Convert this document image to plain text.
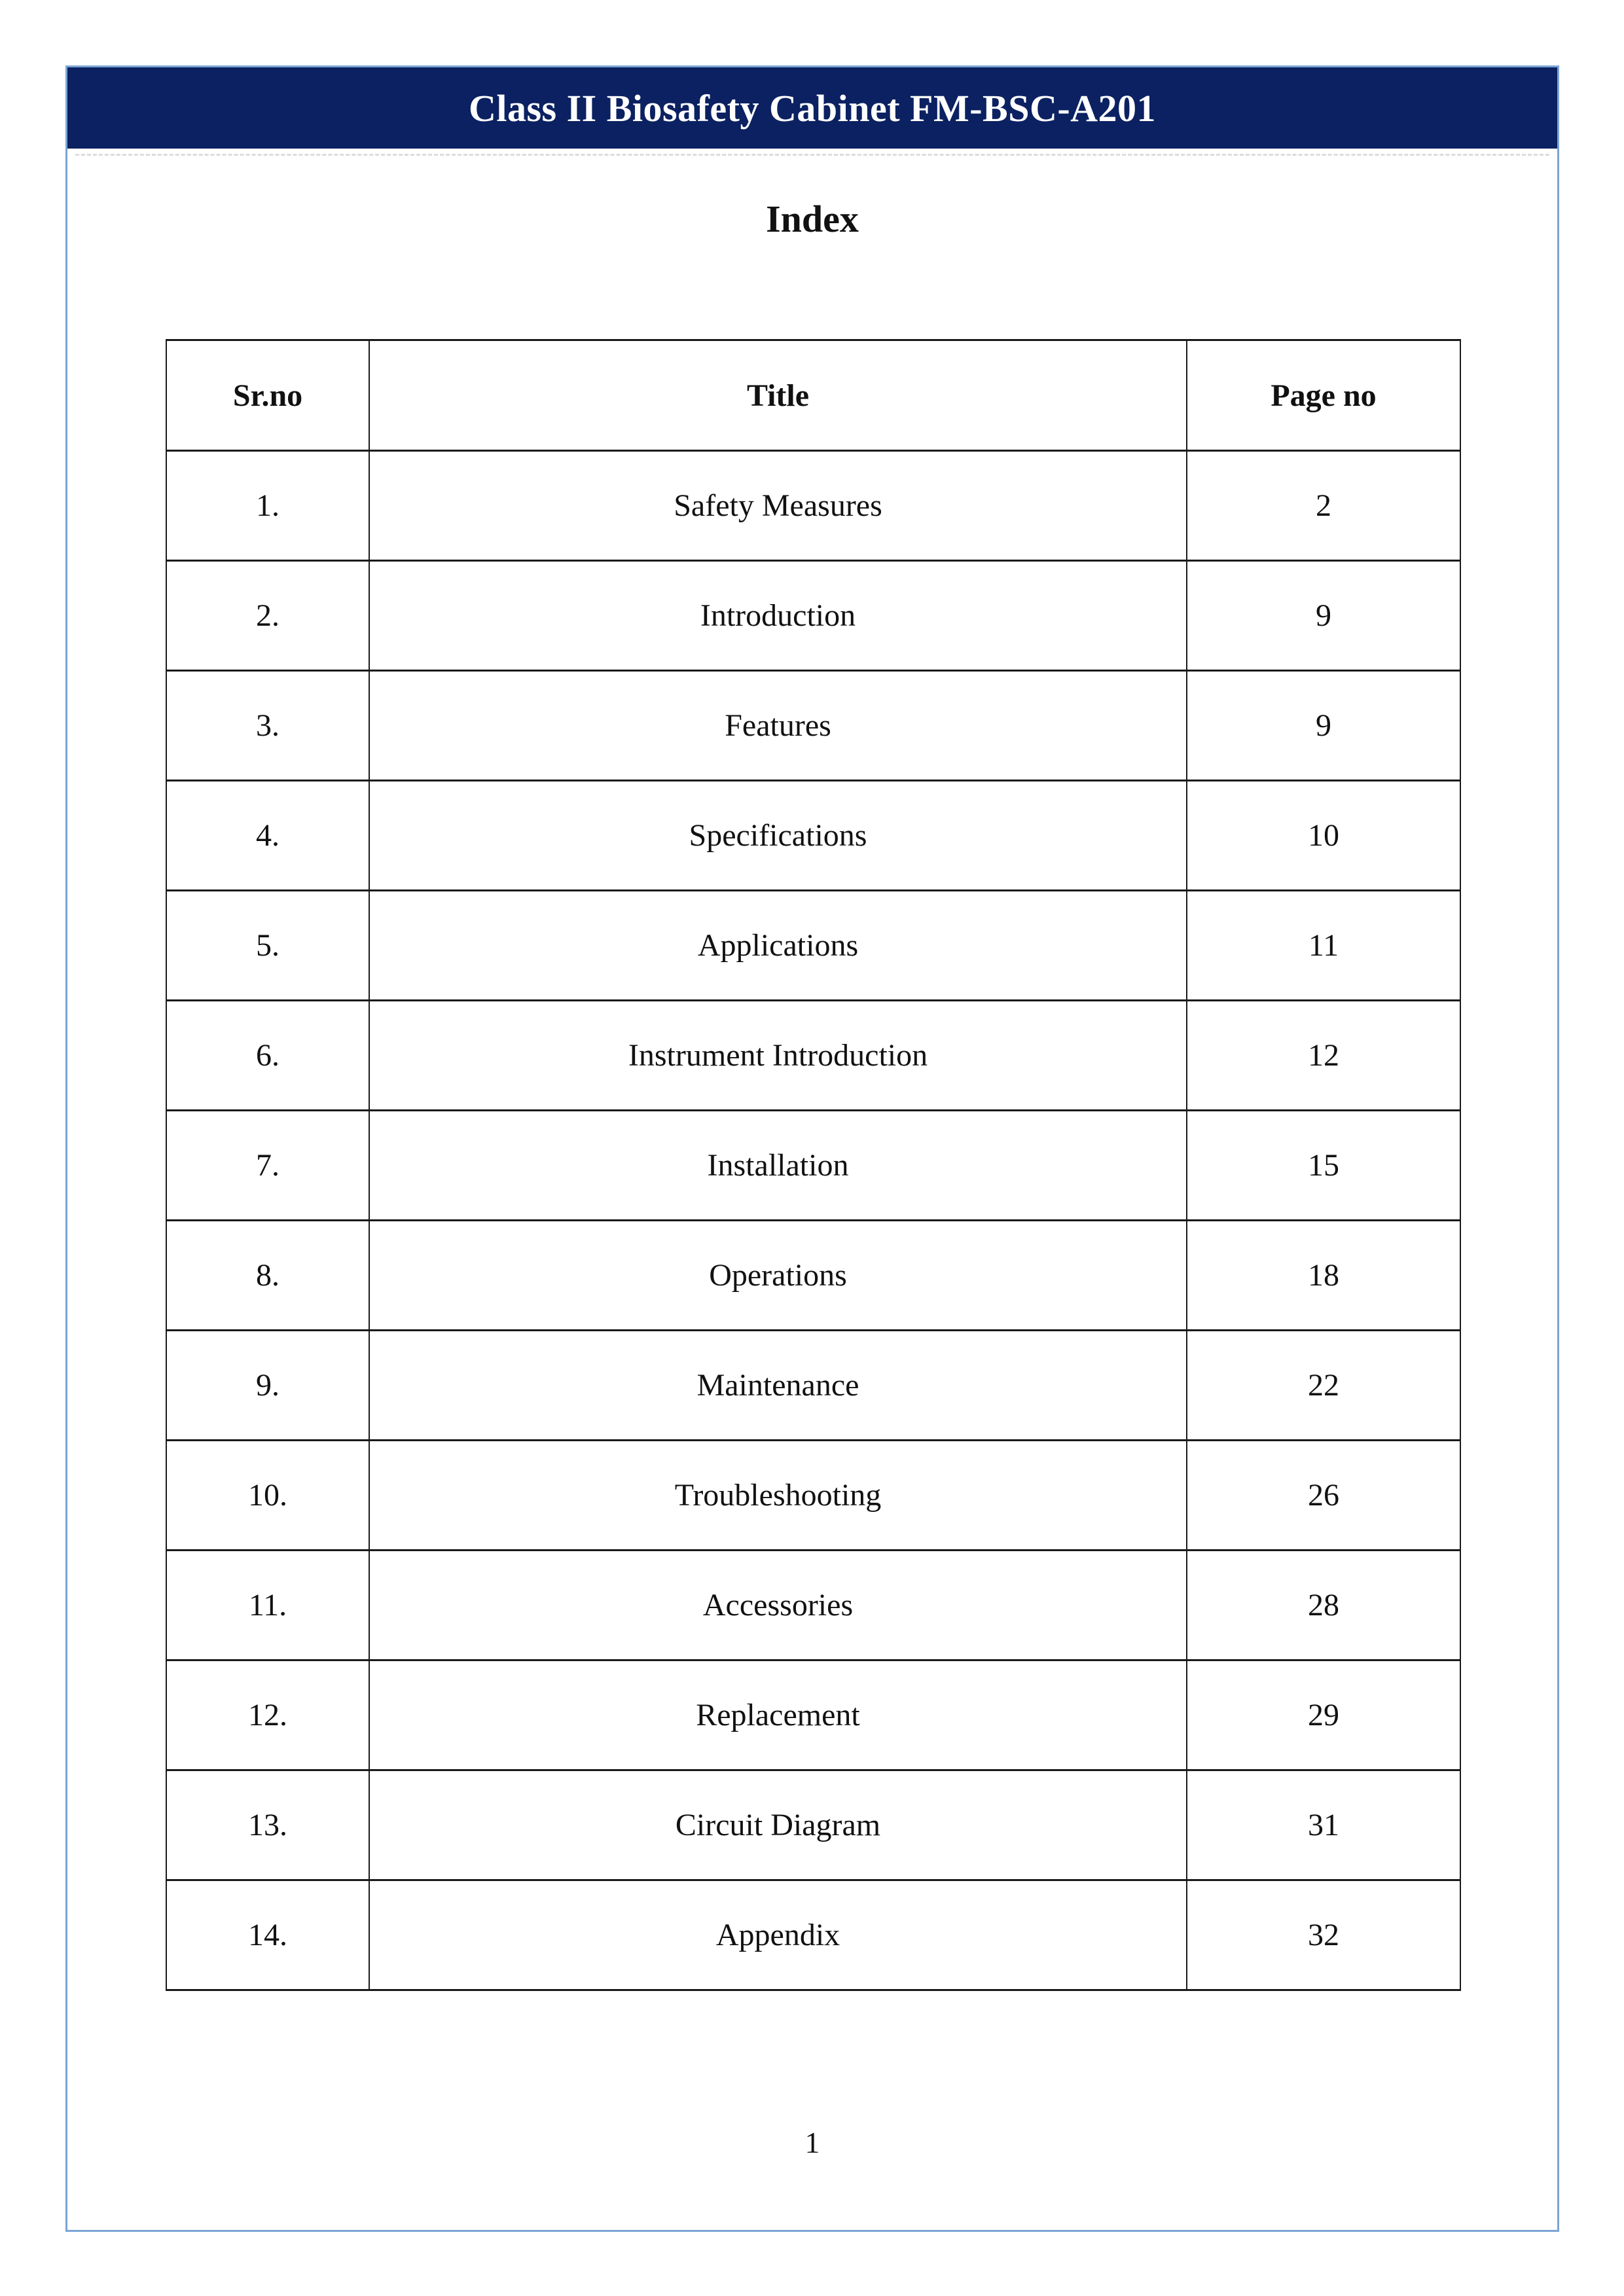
Class II Biosafety Cabinet FM-BSC-A201
Index
Sr.no	Title	Page no
1.	Safety Measures	2
2.	Introduction	9
3.	Features	9
4.	Specifications	10
5.	Applications	11
6.	Instrument Introduction	12
7.	Installation	15
8.	Operations	18
9.	Maintenance	22
10.	Troubleshooting	26
11.	Accessories	28
12.	Replacement	29
13.	Circuit Diagram	31
14.	Appendix	32
1
